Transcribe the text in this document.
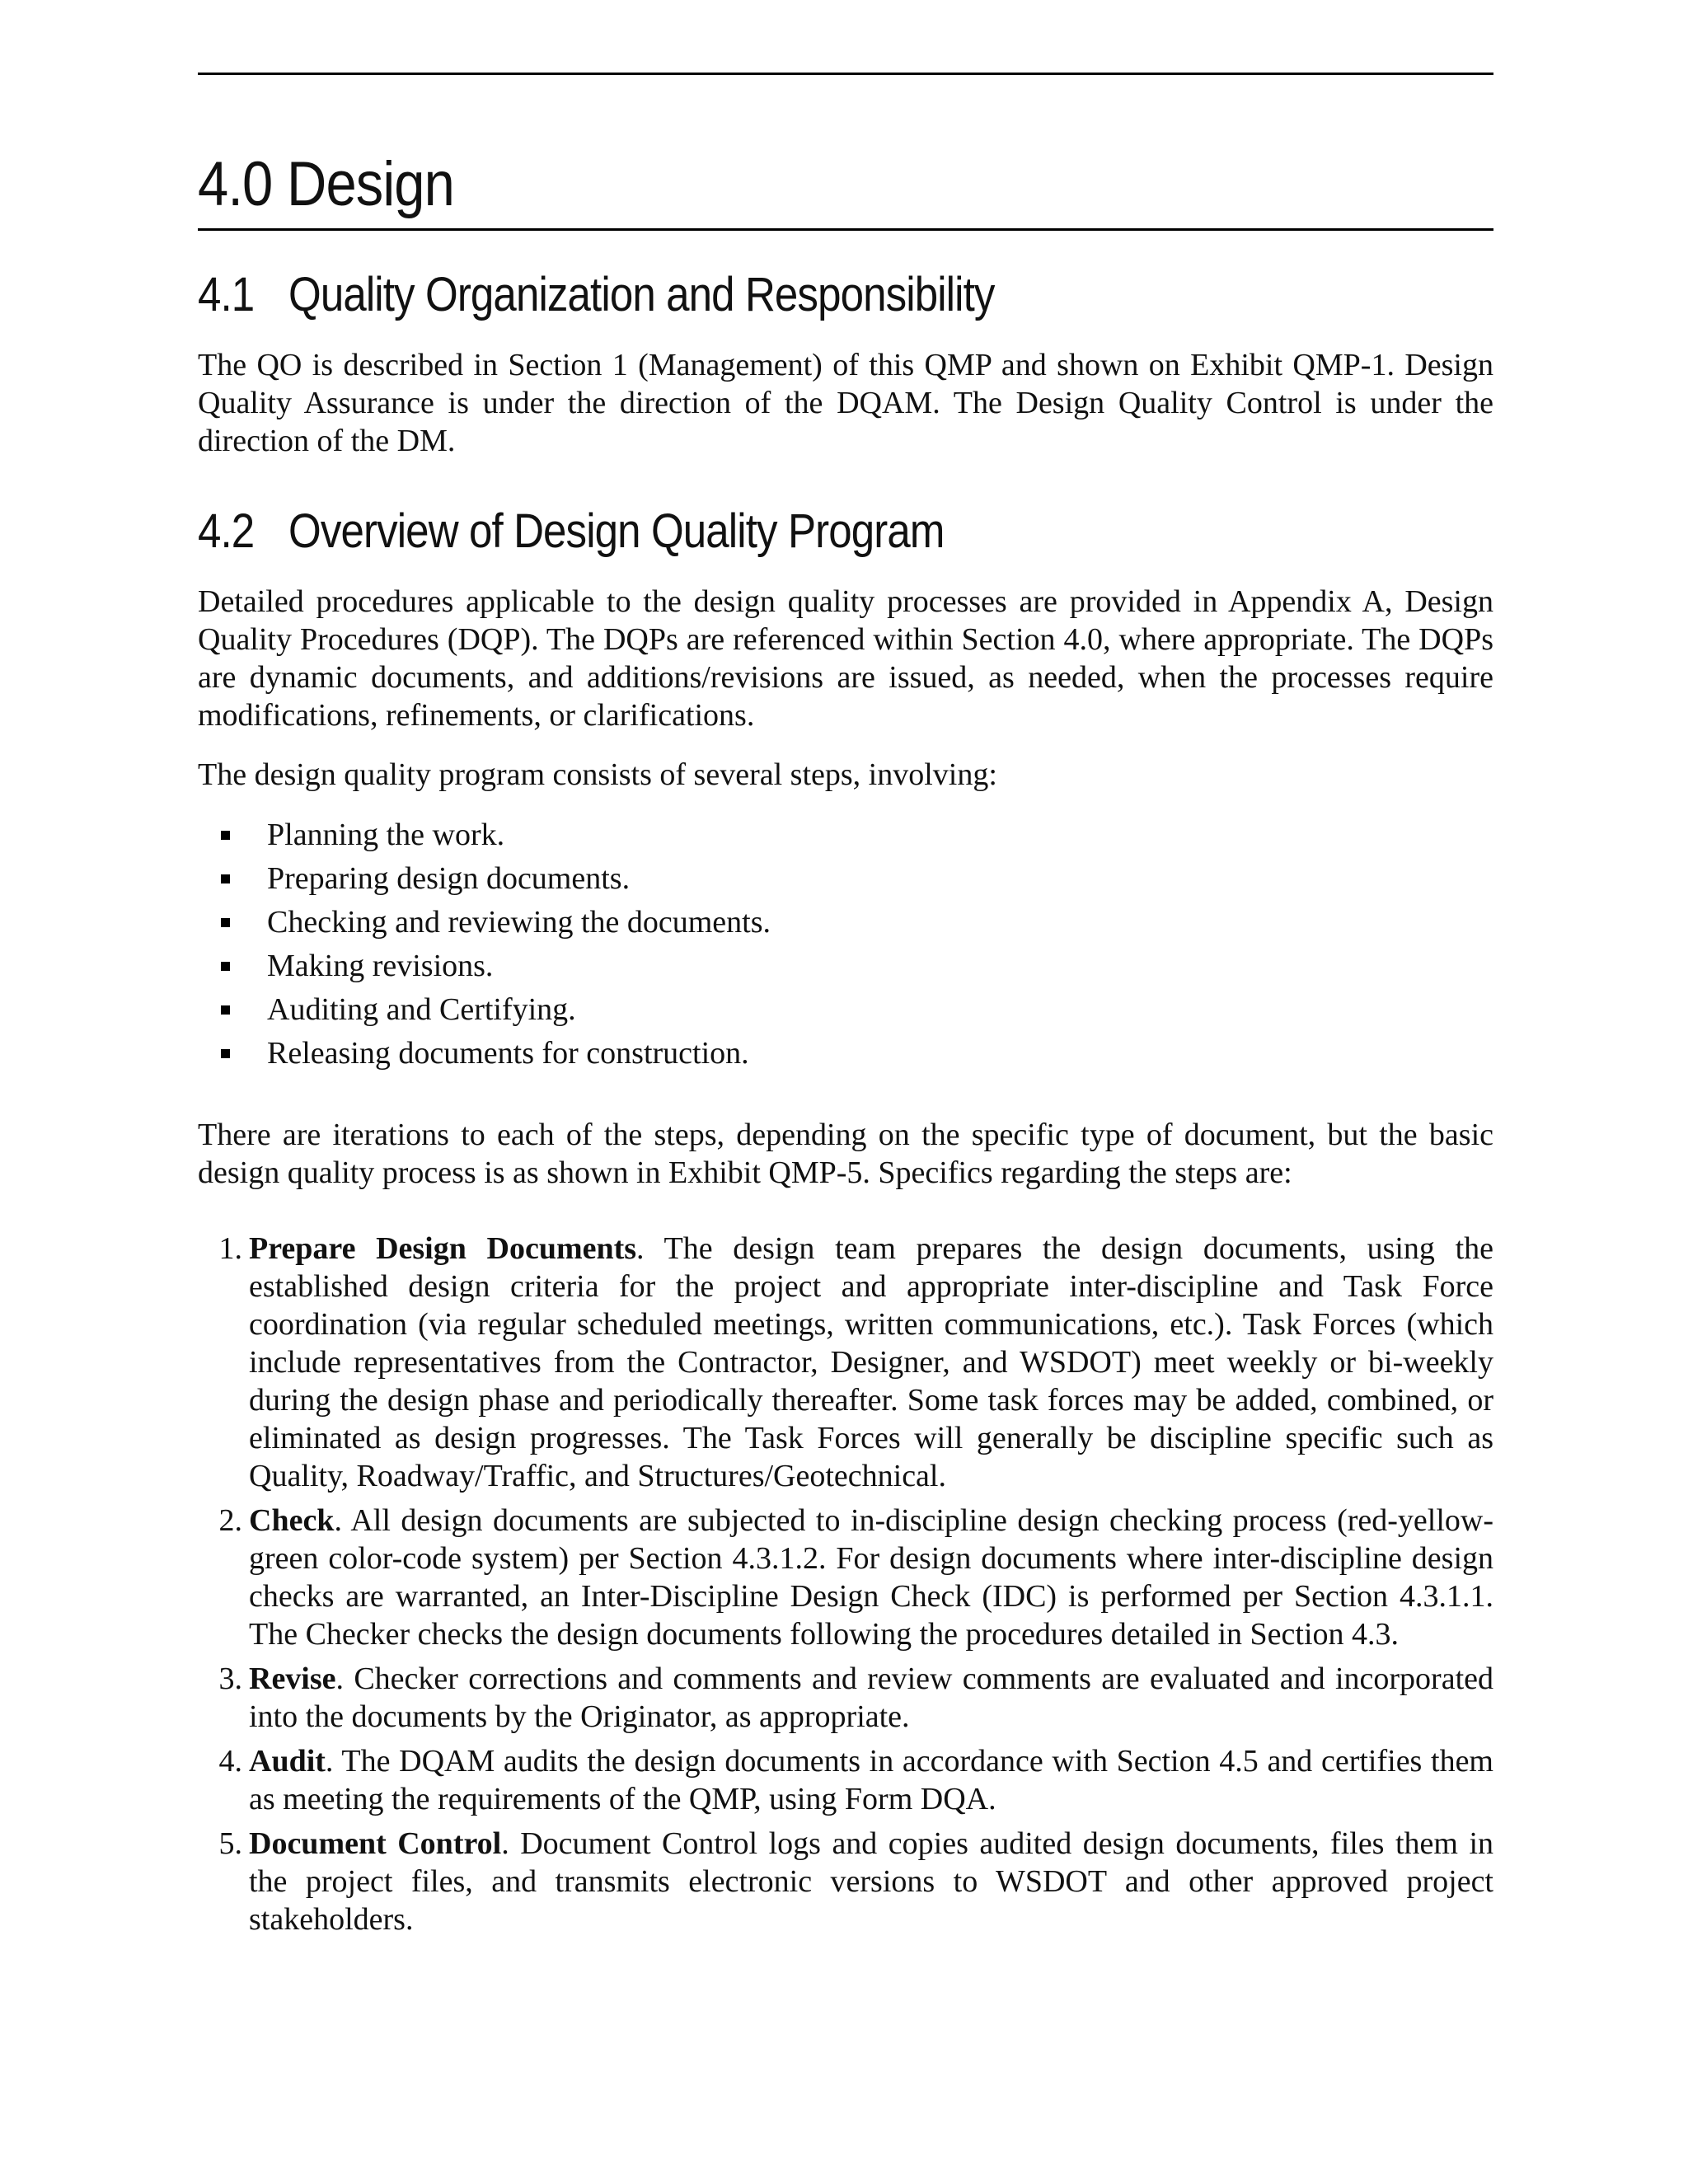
4.0 Design
4.1 Quality Organization and Responsibility

The QO is described in Section 1 (Management) of this QMP and shown on Exhibit QMP-1. Design Quality Assurance is under the direction of the DQAM. The Design Quality Control is under the direction of the DM.

4.2 Overview of Design Quality Program

Detailed procedures applicable to the design quality processes are provided in Appendix A, Design Quality Procedures (DQP). The DQPs are referenced within Section 4.0, where appropriate. The DQPs are dynamic documents, and additions/revisions are issued, as needed, when the processes require modifications, refinements, or clarifications.

The design quality program consists of several steps, involving:

Planning the work.
Preparing design documents.
Checking and reviewing the documents.
Making revisions.
Auditing and Certifying.
Releasing documents for construction.

There are iterations to each of the steps, depending on the specific type of document, but the basic design quality process is as shown in Exhibit QMP-5. Specifics regarding the steps are:

1. Prepare Design Documents. The design team prepares the design documents, using the established design criteria for the project and appropriate inter-discipline and Task Force coordination (via regular scheduled meetings, written communications, etc.). Task Forces (which include representatives from the Contractor, Designer, and WSDOT) meet weekly or bi-weekly during the design phase and periodically thereafter. Some task forces may be added, combined, or eliminated as design progresses. The Task Forces will generally be discipline specific such as Quality, Roadway/Traffic, and Structures/Geotechnical.
2. Check. All design documents are subjected to in-discipline design checking process (red-yellow-green color-code system) per Section 4.3.1.2. For design documents where inter-discipline design checks are warranted, an Inter-Discipline Design Check (IDC) is performed per Section 4.3.1.1. The Checker checks the design documents following the procedures detailed in Section 4.3.
3. Revise. Checker corrections and comments and review comments are evaluated and incorporated into the documents by the Originator, as appropriate.
4. Audit. The DQAM audits the design documents in accordance with Section 4.5 and certifies them as meeting the requirements of the QMP, using Form DQA.
5. Document Control. Document Control logs and copies audited design documents, files them in the project files, and transmits electronic versions to WSDOT and other approved project stakeholders.
